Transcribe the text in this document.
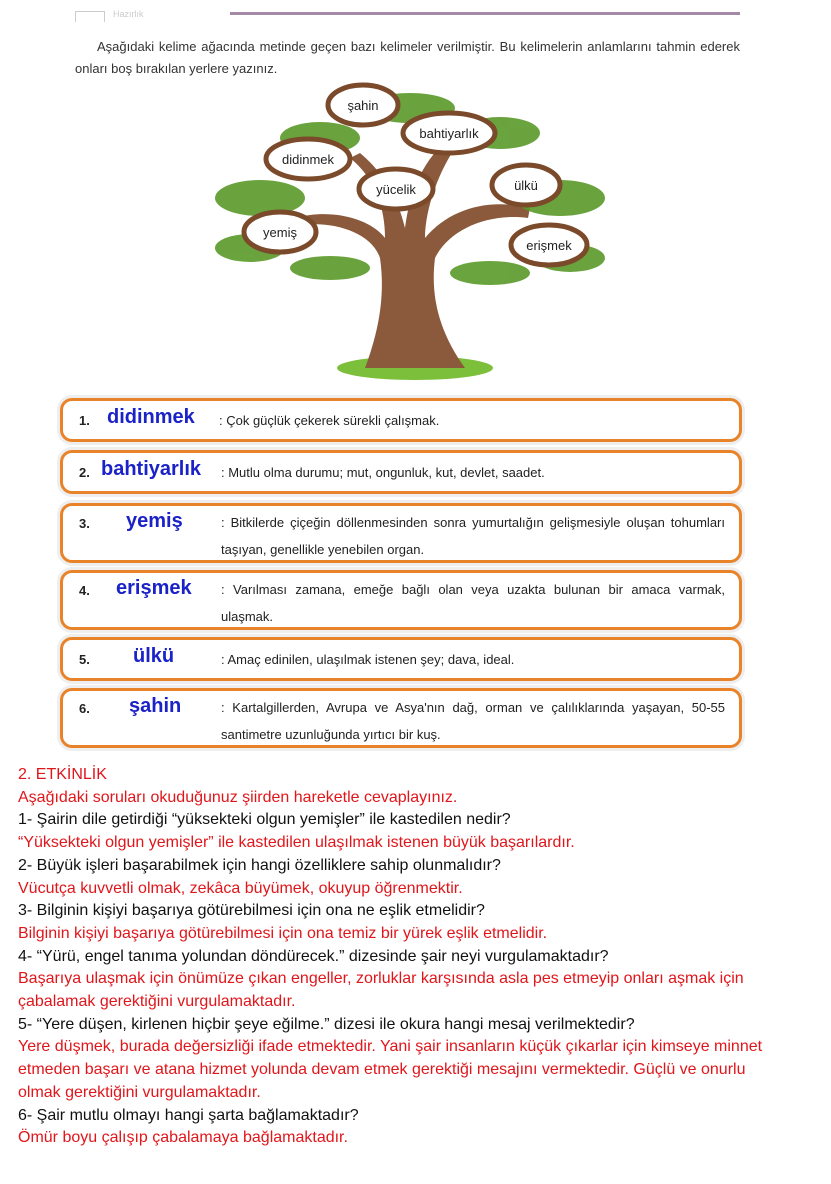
Hazırlık
Aşağıdaki kelime ağacında metinde geçen bazı kelimeler verilmiştir. Bu kelimelerin anlamlarını tahmin ederek onları boş bırakılan yerlere yazınız.
şahin
bahtiyarlık
didinmek
yücelik	ülkü
yemiş
erişmek
1. didinmek : Çok güçlük çekerek sürekli çalışmak.
2. bahtiyarlık : Mutlu olma durumu; mut, ongunluk, kut, devlet, saadet.
3. yemiş	: Bitkilerde çiçeğin döllenmesinden sonra yumurtalığın gelişmesiyle oluşan tohumları taşıyan, genellikle yenebilen organ.
4. erişmek : Varılması zamana, emeğe bağlı olan veya uzakta bulunan bir amaca varmak, ulaşmak.
5. ülkü	: Amaç edinilen, ulaşılmak istenen şey; dava, ideal.
6. şahin	: Kartalgillerden, Avrupa ve Asya'nın dağ, orman ve çalılıklarında yaşayan, 50-55 santimetre uzunluğunda yırtıcı bir kuş.
2. ETKİNLİK
Aşağıdaki soruları okuduğunuz şiirden hareketle cevaplayınız.
1- Şairin dile getirdiği “yüksekteki olgun yemişler” ile kastedilen nedir?
“Yüksekteki olgun yemişler” ile kastedilen ulaşılmak istenen büyük başarılardır.
2- Büyük işleri başarabilmek için hangi özelliklere sahip olunmalıdır?
Vücutça kuvvetli olmak, zekâca büyümek, okuyup öğrenmektir.
3- Bilginin kişiyi başarıya götürebilmesi için ona ne eşlik etmelidir?
Bilginin kişiyi başarıya götürebilmesi için ona temiz bir yürek eşlik etmelidir.
4- “Yürü, engel tanıma yolundan döndürecek.” dizesinde şair neyi vurgulamaktadır?
Başarıya ulaşmak için önümüze çıkan engeller, zorluklar karşısında asla pes etmeyip onları aşmak için
çabalamak gerektiğini vurgulamaktadır.
5- “Yere düşen, kirlenen hiçbir şeye eğilme.” dizesi ile okura hangi mesaj verilmektedir?
Yere düşmek, burada değersizliği ifade etmektedir. Yani şair insanların küçük çıkarlar için kimseye minnet
etmeden başarı ve atana hizmet yolunda devam etmek gerektiği mesajını vermektedir. Güçlü ve onurlu
olmak gerektiğini vurgulamaktadır.
6- Şair mutlu olmayı hangi şarta bağlamaktadır?
Ömür boyu çalışıp çabalamaya bağlamaktadır.
